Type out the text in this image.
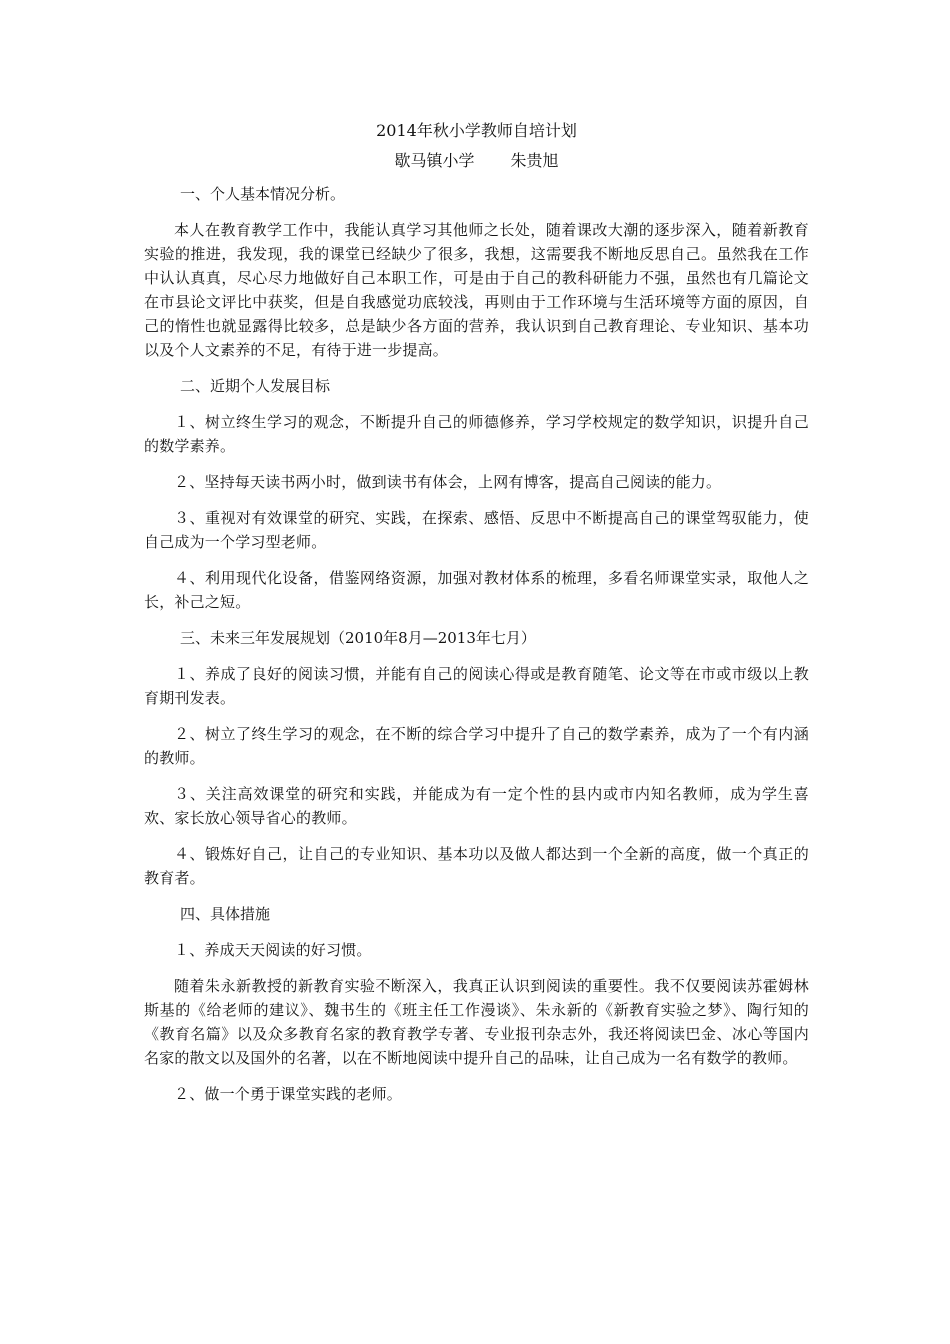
2014年秋小学教师自培计划
歇马镇小学 朱贵旭
一、个人基本情况分析。
本人在教育教学工作中，我能认真学习其他师之长处，随着课改大潮的逐步深入，随着新教育实验的推进，我发现，我的课堂已经缺少了很多，我想，这需要我不断地反思自己。虽然我在工作中认认真真，尽心尽力地做好自己本职工作，可是由于自己的教科研能力不强，虽然也有几篇论文在市县论文评比中获奖，但是自我感觉功底较浅，再则由于工作环境与生活环境等方面的原因，自己的惰性也就显露得比较多，总是缺少各方面的营养，我认识到自己教育理论、专业知识、基本功以及个人文素养的不足，有待于进一步提高。
二、近期个人发展目标
１、树立终生学习的观念，不断提升自己的师德修养，学习学校规定的数学知识，识提升自己的数学素养。
２、坚持每天读书两小时，做到读书有体会，上网有博客，提高自己阅读的能力。
３、重视对有效课堂的研究、实践，在探索、感悟、反思中不断提高自己的课堂驾驭能力，使自己成为一个学习型老师。
４、利用现代化设备，借鉴网络资源，加强对教材体系的梳理，多看名师课堂实录，取他人之长，补己之短。
三、未来三年发展规划（2010年8月—2013年七月）
１、养成了良好的阅读习惯，并能有自己的阅读心得或是教育随笔、论文等在市或市级以上教育期刊发表。
２、树立了终生学习的观念，在不断的综合学习中提升了自己的数学素养，成为了一个有内涵的教师。
３、关注高效课堂的研究和实践，并能成为有一定个性的县内或市内知名教师，成为学生喜欢、家长放心领导省心的教师。
４、锻炼好自己，让自己的专业知识、基本功以及做人都达到一个全新的高度，做一个真正的教育者。
四、具体措施
１、养成天天阅读的好习惯。
随着朱永新教授的新教育实验不断深入，我真正认识到阅读的重要性。我不仅要阅读苏霍姆林斯基的《给老师的建议》、魏书生的《班主任工作漫谈》、朱永新的《新教育实验之梦》、陶行知的《教育名篇》以及众多教育名家的教育教学专著、专业报刊杂志外，我还将阅读巴金、冰心等国内名家的散文以及国外的名著，以在不断地阅读中提升自己的品味，让自己成为一名有数学的教师。
２、做一个勇于课堂实践的老师。
